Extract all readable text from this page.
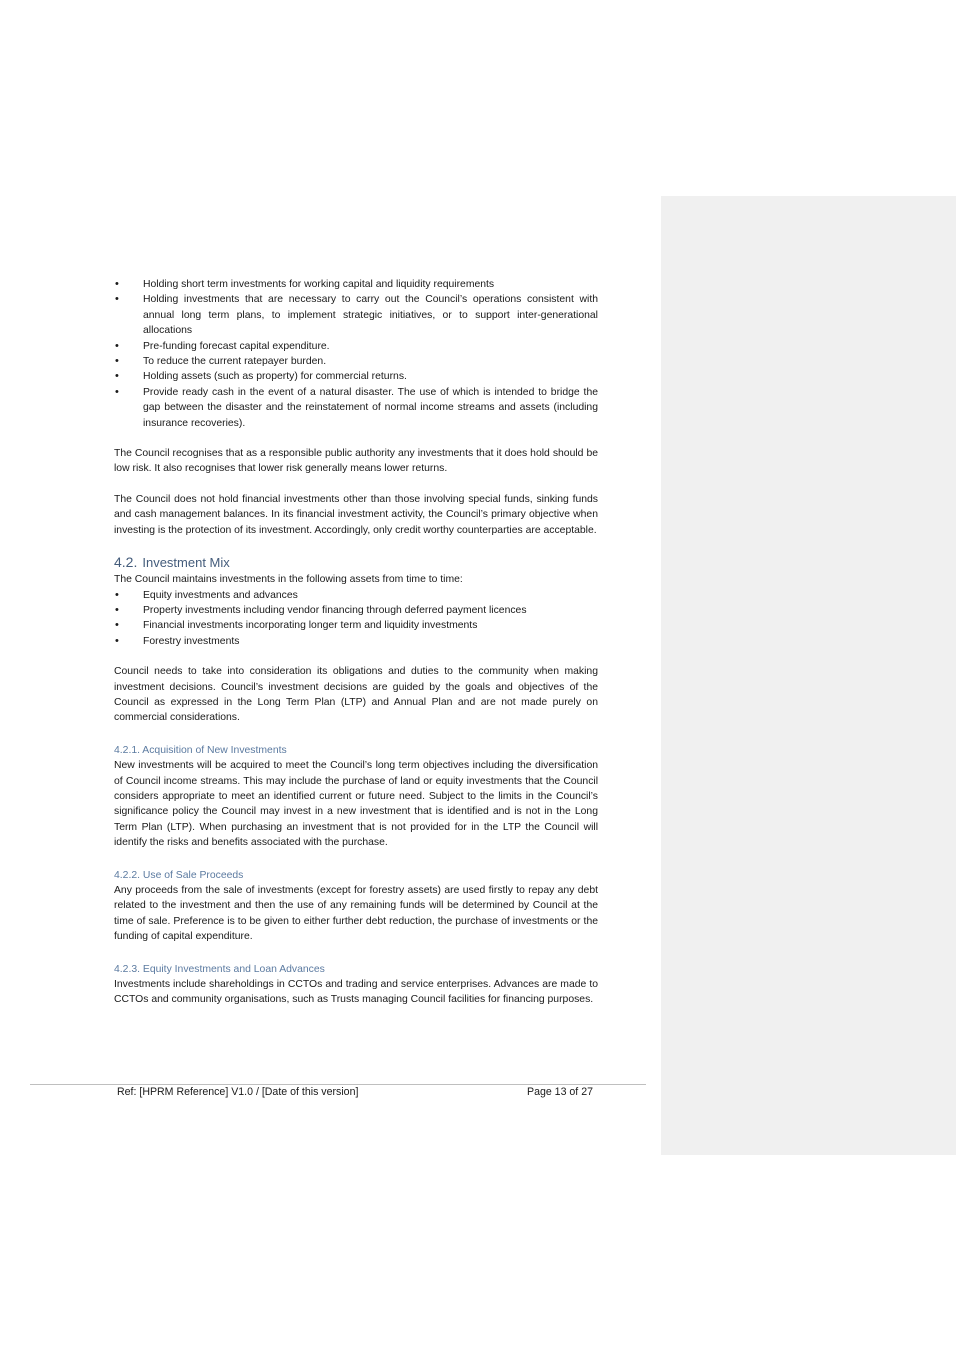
• Holding short term investments for working capital and liquidity requirements
• Holding investments that are necessary to carry out the Council’s operations consistent with annual long term plans, to implement strategic initiatives, or to support inter-generational allocations
• Pre-funding forecast capital expenditure.
• To reduce the current ratepayer burden.
• Holding assets (such as property) for commercial returns.
• Provide ready cash in the event of a natural disaster. The use of which is intended to bridge the gap between the disaster and the reinstatement of normal income streams and assets (including insurance recoveries).

The Council recognises that as a responsible public authority any investments that it does hold should be low risk. It also recognises that lower risk generally means lower returns.

The Council does not hold financial investments other than those involving special funds, sinking funds and cash management balances. In its financial investment activity, the Council’s primary objective when investing is the protection of its investment. Accordingly, only credit worthy counterparties are acceptable.

4.2. Investment Mix

The Council maintains investments in the following assets from time to time:

• Equity investments and advances
• Property investments including vendor financing through deferred payment licences
• Financial investments incorporating longer term and liquidity investments
• Forestry investments

Council needs to take into consideration its obligations and duties to the community when making investment decisions. Council’s investment decisions are guided by the goals and objectives of the Council as expressed in the Long Term Plan (LTP) and Annual Plan and are not made purely on commercial considerations.

4.2.1. Acquisition of New Investments

New investments will be acquired to meet the Council’s long term objectives including the diversification of Council income streams. This may include the purchase of land or equity investments that the Council considers appropriate to meet an identified current or future need. Subject to the limits in the Council’s significance policy the Council may invest in a new investment that is identified and is not in the Long Term Plan (LTP). When purchasing an investment that is not provided for in the LTP the Council will identify the risks and benefits associated with the purchase.

4.2.2. Use of Sale Proceeds

Any proceeds from the sale of investments (except for forestry assets) are used firstly to repay any debt related to the investment and then the use of any remaining funds will be determined by Council at the time of sale. Preference is to be given to either further debt reduction, the purchase of investments or the funding of capital expenditure.

4.2.3. Equity Investments and Loan Advances

Investments include shareholdings in CCTOs and trading and service enterprises. Advances are made to CCTOs and community organisations, such as Trusts managing Council facilities for financing purposes.

Ref: [HPRM Reference] V1.0 / [Date of this version]	Page 13 of 27
